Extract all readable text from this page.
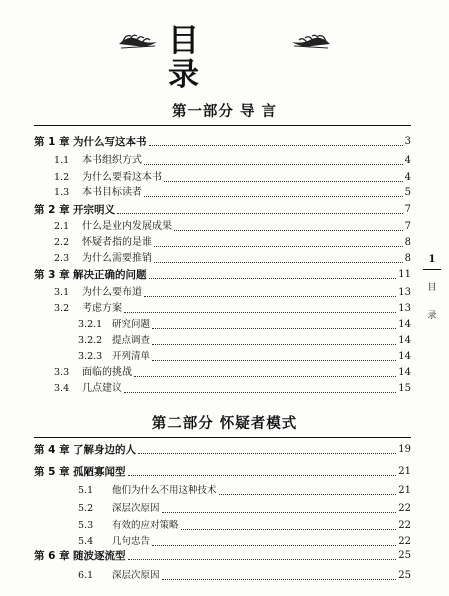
目 录
第一部分 导 言
第 1 章 为什么写这本书	3
1.1	本书组织方式	4
1.2	为什么要看这本书	4
1.3	本书目标读者	5
第 2 章 开宗明义	7
2.1	什么是业内发展成果	7
2.2	怀疑者指的是谁	8
2.3	为什么需要推销	8
第 3 章 解决正确的问题	11
3.1	为什么要布道	13
3.2	考虑方案	13
3.2.1	研究问题	14
3.2.2	提点调查	14
3.2.3	开列清单	14
3.3	面临的挑战	14
3.4	几点建议	15
第二部分 怀疑者模式
第 4 章 了解身边的人	19
第 5 章 孤陋寡闻型	21
5.1	他们为什么不用这种技术	21
5.2	深层次原因	22
5.3	有效的应对策略	22
5.4	几句忠告	22
第 6 章 随波逐流型	25
6.1	深层次原因	25
1
目
录
